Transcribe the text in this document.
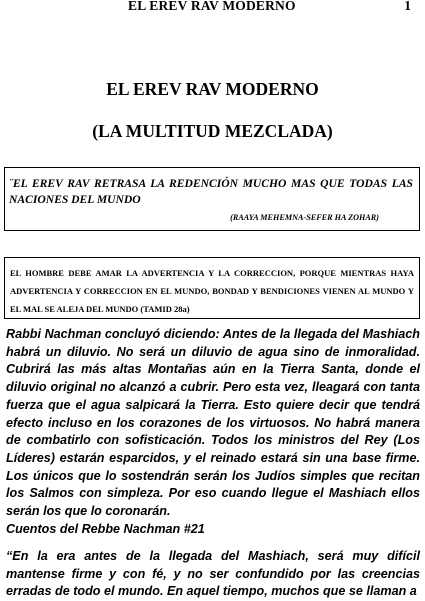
EL EREV RAV MODERNO	1
EL EREV RAV MODERNO
(LA MULTITUD MEZCLADA)
¨EL EREV RAV RETRASA LA REDENCIÓN MUCHO MAS QUE TODAS LAS NACIONES DEL MUNDO
(RAAYA MEHEMNA-SEFER HA ZOHAR)
EL HOMBRE DEBE AMAR LA ADVERTENCIA Y LA CORRECCION, PORQUE MIENTRAS HAYA ADVERTENCIA Y CORRECCION EN EL MUNDO, BONDAD Y BENDICIONES VIENEN AL MUNDO Y EL MAL SE ALEJA DEL MUNDO (TAMID 28a)
Rabbi Nachman concluyó diciendo: Antes de la llegada del Mashiach habrá un diluvio. No será un diluvio de agua sino de inmoralidad. Cubrirá las más altas Montañas aún en la Tierra Santa, donde el diluvio original no alcanzó a cubrir. Pero esta vez, lleagará con tanta fuerza que el agua salpicará la Tierra. Esto quiere decir que tendrá efecto incluso en los corazones de los virtuosos. No habrá manera de combatirlo con sofisticación. Todos los ministros del Rey (Los Líderes) estarán esparcidos, y el reinado estará sin una base firme. Los únicos que lo sostendrán serán los Judíos simples que recitan los Salmos con simpleza. Por eso cuando llegue el Mashiach ellos serán los que lo coronarán.
Cuentos del Rebbe Nachman #21
“En la era antes de la llegada del Mashiach, será muy difícil mantense firme y con fé, y no ser confundido por las creencias erradas de todo el mundo. En aquel tiempo, muchos que se llaman a
